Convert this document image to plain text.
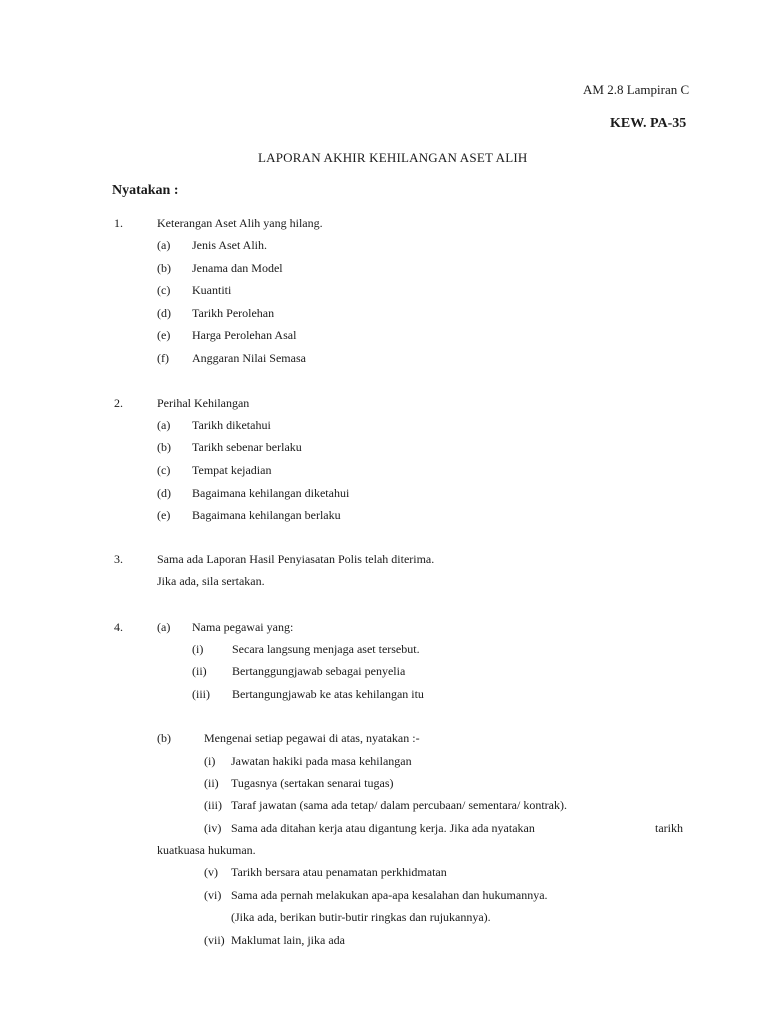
AM 2.8 Lampiran C
KEW. PA-35
LAPORAN AKHIR KEHILANGAN ASET ALIH
Nyatakan :
1.	Keterangan Aset Alih yang hilang.
(a) Jenis Aset Alih.
(b) Jenama dan Model
(c) Kuantiti
(d) Tarikh Perolehan
(e) Harga Perolehan Asal
(f) Anggaran Nilai Semasa
2.	Perihal Kehilangan
(a) Tarikh diketahui
(b) Tarikh sebenar berlaku
(c) Tempat kejadian
(d) Bagaimana kehilangan diketahui
(e) Bagaimana kehilangan berlaku
3.	Sama ada Laporan Hasil Penyiasatan Polis telah diterima.
Jika ada, sila sertakan.
4.	(a) Nama pegawai yang:
(i) Secara langsung menjaga aset tersebut.
(ii) Bertanggungjawab sebagai penyelia
(iii) Bertangungjawab ke atas kehilangan itu
(b)	Mengenai setiap pegawai di atas, nyatakan :-
(i) Jawatan hakiki pada masa kehilangan
(ii) Tugasnya (sertakan senarai tugas)
(iii) Taraf jawatan (sama ada tetap/ dalam percubaan/ sementara/ kontrak).
(iv) Sama ada ditahan kerja atau digantung kerja. Jika ada nyatakan	tarikh
kuatkuasa hukuman.
(v) Tarikh bersara atau penamatan perkhidmatan
(vi) Sama ada pernah melakukan apa-apa kesalahan dan hukumannya.
(Jika ada, berikan butir-butir ringkas dan rujukannya).
(vii) Maklumat lain, jika ada
